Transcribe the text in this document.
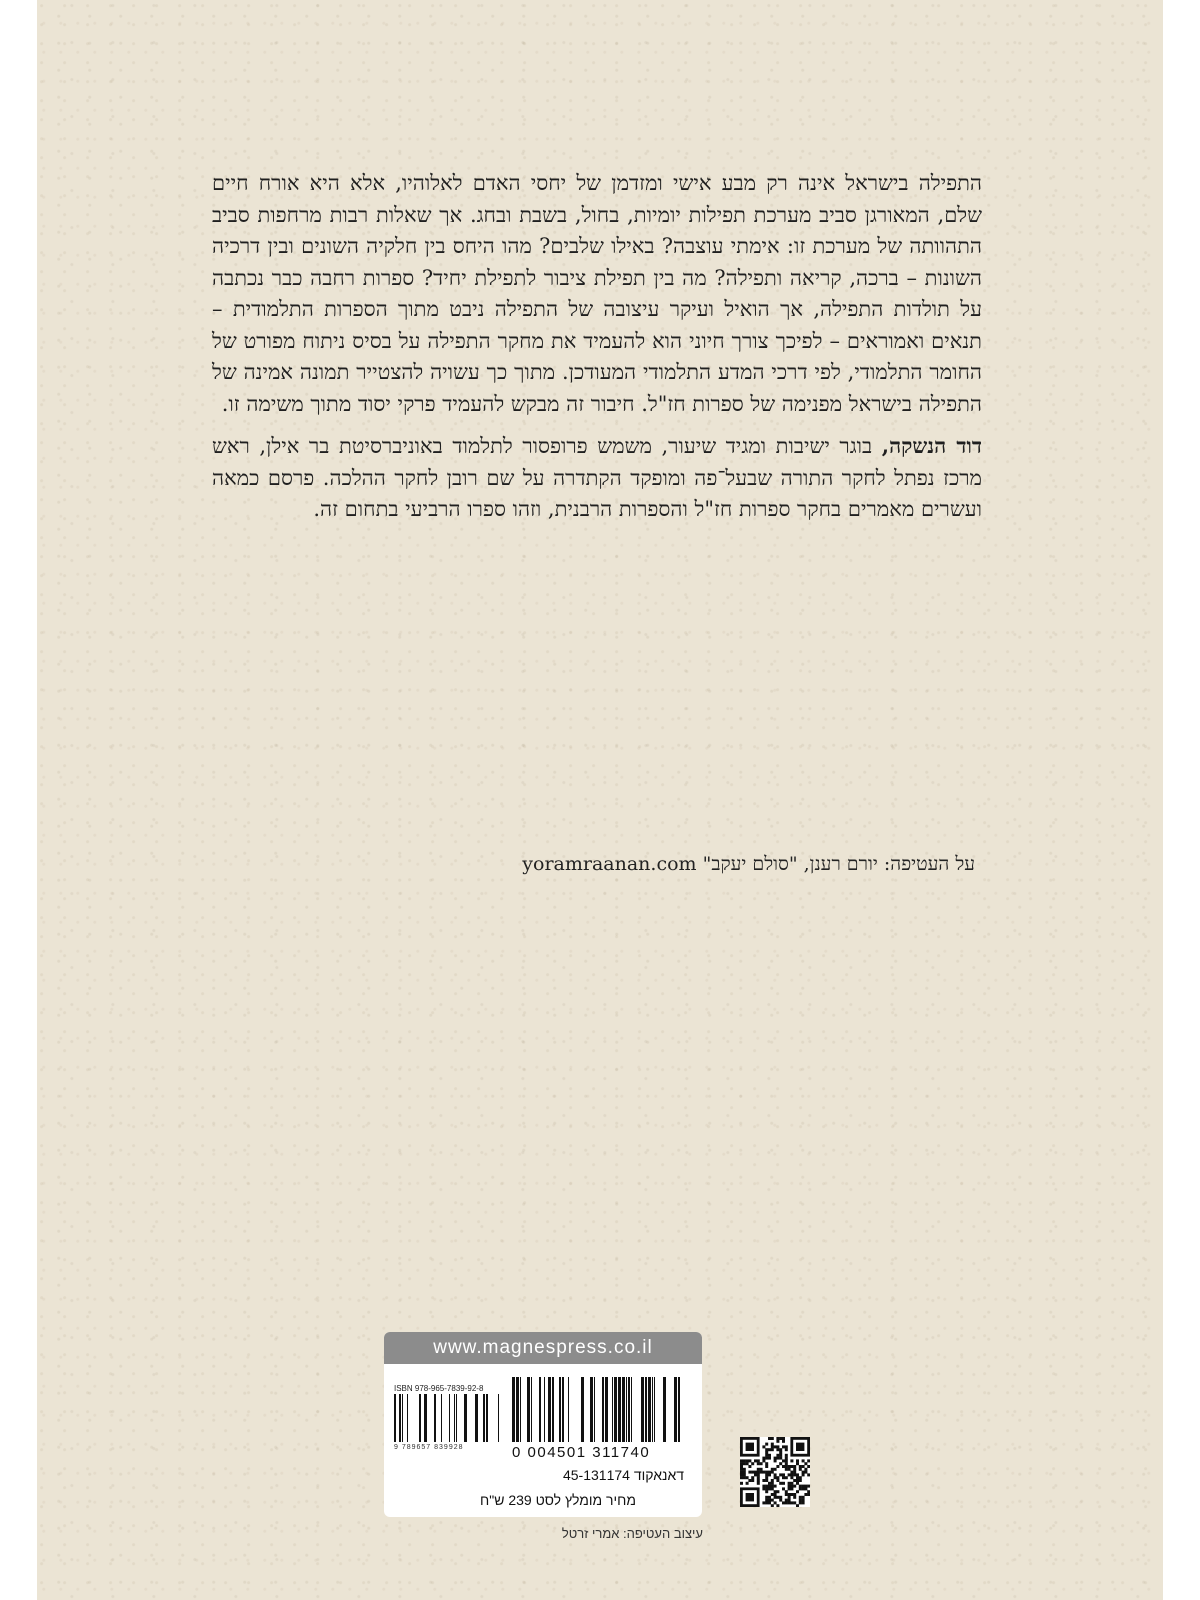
התפילה בישראל אינה רק מבע אישי ומזדמן של יחסי האדם לאלוהיו, אלא היא אורח חיים שלם, המאורגן סביב מערכת תפילות יומיות, בחול, בשבת ובחג. אך שאלות רבות מרחפות סביב התהוותה של מערכת זו: אימתי עוצבה? באילו שלבים? מהו היחס בין חלקיה השונים ובין דרכיה השונות – ברכה, קריאה ותפילה? מה בין תפילת ציבור לתפילת יחיד? ספרות רחבה כבר נכתבה על תולדות התפילה, אך הואיל ועיקר עיצובה של התפילה ניבט מתוך הספרות התלמודית – תנאים ואמוראים – לפיכך צורך חיוני הוא להעמיד את מחקר התפילה על בסיס ניתוח מפורט של החומר התלמודי, לפי דרכי המדע התלמודי המעודכן. מתוך כך עשויה להצטייר תמונה אמינה של התפילה בישראל מפנימה של ספרות חז"ל. חיבור זה מבקש להעמיד פרקי יסוד מתוך משימה זו.

דוד הנשקה, בוגר ישיבות ומגיד שיעור, משמש פרופסור לתלמוד באוניברסיטת בר אילן, ראש מרכז נפתל לחקר התורה שבעל־פה ומופקד הקתדרה על שם רובן לחקר ההלכה. פרסם כמאה ועשרים מאמרים בחקר ספרות חז"ל והספרות הרבנית, וזהו ספרו הרביעי בתחום זה.

על העטיפה: יורם רענן, "סולם יעקב" yoramraanan.com
www.magnespress.co.il
ISBN 978-965-7839-92-8
9 789657 839928	0 004501 311740
דאנאקוד 45-131174
מחיר מומלץ לסט 239 ש"ח
עיצוב העטיפה: אמרי זרטל
